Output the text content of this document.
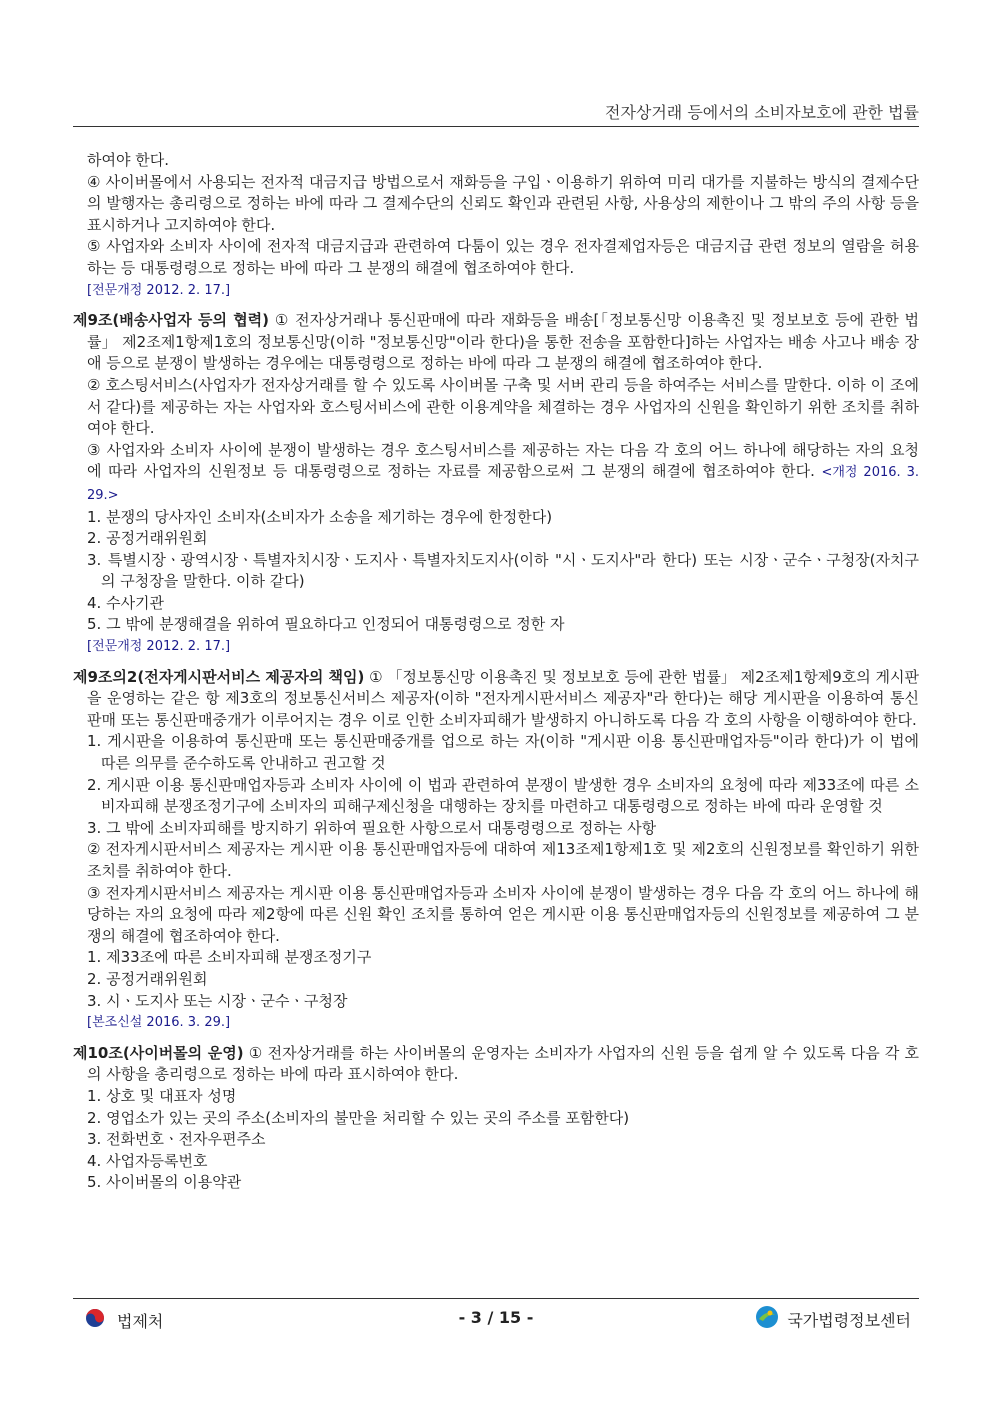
전자상거래 등에서의 소비자보호에 관한 법률
하여야 한다.
④ 사이버몰에서 사용되는 전자적 대금지급 방법으로서 재화등을 구입ㆍ이용하기 위하여 미리 대가를 지불하는 방식의 결제수단의 발행자는 총리령으로 정하는 바에 따라 그 결제수단의 신뢰도 확인과 관련된 사항, 사용상의 제한이나 그 밖의 주의 사항 등을 표시하거나 고지하여야 한다.
⑤ 사업자와 소비자 사이에 전자적 대금지급과 관련하여 다툼이 있는 경우 전자결제업자등은 대금지급 관련 정보의 열람을 허용하는 등 대통령령으로 정하는 바에 따라 그 분쟁의 해결에 협조하여야 한다.
[전문개정 2012. 2. 17.]
제9조(배송사업자 등의 협력) ① 전자상거래나 통신판매에 따라 재화등을 배송[「정보통신망 이용촉진 및 정보보호 등에 관한 법률」 제2조제1항제1호의 정보통신망(이하 "정보통신망"이라 한다)을 통한 전송을 포함한다]하는 사업자는 배송 사고나 배송 장애 등으로 분쟁이 발생하는 경우에는 대통령령으로 정하는 바에 따라 그 분쟁의 해결에 협조하여야 한다.
② 호스팅서비스(사업자가 전자상거래를 할 수 있도록 사이버몰 구축 및 서버 관리 등을 하여주는 서비스를 말한다. 이하 이 조에서 같다)를 제공하는 자는 사업자와 호스팅서비스에 관한 이용계약을 체결하는 경우 사업자의 신원을 확인하기 위한 조치를 취하여야 한다.
③ 사업자와 소비자 사이에 분쟁이 발생하는 경우 호스팅서비스를 제공하는 자는 다음 각 호의 어느 하나에 해당하는 자의 요청에 따라 사업자의 신원정보 등 대통령령으로 정하는 자료를 제공함으로써 그 분쟁의 해결에 협조하여야 한다. <개정 2016. 3. 29.>
1. 분쟁의 당사자인 소비자(소비자가 소송을 제기하는 경우에 한정한다)
2. 공정거래위원회
3. 특별시장ㆍ광역시장ㆍ특별자치시장ㆍ도지사ㆍ특별자치도지사(이하 "시ㆍ도지사"라 한다) 또는 시장ㆍ군수ㆍ구청장(자치구의 구청장을 말한다. 이하 같다)
4. 수사기관
5. 그 밖에 분쟁해결을 위하여 필요하다고 인정되어 대통령령으로 정한 자
[전문개정 2012. 2. 17.]
제9조의2(전자게시판서비스 제공자의 책임) ① 「정보통신망 이용촉진 및 정보보호 등에 관한 법률」 제2조제1항제9호의 게시판을 운영하는 같은 항 제3호의 정보통신서비스 제공자(이하 "전자게시판서비스 제공자"라 한다)는 해당 게시판을 이용하여 통신판매 또는 통신판매중개가 이루어지는 경우 이로 인한 소비자피해가 발생하지 아니하도록 다음 각 호의 사항을 이행하여야 한다.
1. 게시판을 이용하여 통신판매 또는 통신판매중개를 업으로 하는 자(이하 "게시판 이용 통신판매업자등"이라 한다)가 이 법에 따른 의무를 준수하도록 안내하고 권고할 것
2. 게시판 이용 통신판매업자등과 소비자 사이에 이 법과 관련하여 분쟁이 발생한 경우 소비자의 요청에 따라 제33조에 따른 소비자피해 분쟁조정기구에 소비자의 피해구제신청을 대행하는 장치를 마련하고 대통령령으로 정하는 바에 따라 운영할 것
3. 그 밖에 소비자피해를 방지하기 위하여 필요한 사항으로서 대통령령으로 정하는 사항
② 전자게시판서비스 제공자는 게시판 이용 통신판매업자등에 대하여 제13조제1항제1호 및 제2호의 신원정보를 확인하기 위한 조치를 취하여야 한다.
③ 전자게시판서비스 제공자는 게시판 이용 통신판매업자등과 소비자 사이에 분쟁이 발생하는 경우 다음 각 호의 어느 하나에 해당하는 자의 요청에 따라 제2항에 따른 신원 확인 조치를 통하여 얻은 게시판 이용 통신판매업자등의 신원정보를 제공하여 그 분쟁의 해결에 협조하여야 한다.
1. 제33조에 따른 소비자피해 분쟁조정기구
2. 공정거래위원회
3. 시ㆍ도지사 또는 시장ㆍ군수ㆍ구청장
[본조신설 2016. 3. 29.]
제10조(사이버몰의 운영) ① 전자상거래를 하는 사이버몰의 운영자는 소비자가 사업자의 신원 등을 쉽게 알 수 있도록 다음 각 호의 사항을 총리령으로 정하는 바에 따라 표시하여야 한다.
1. 상호 및 대표자 성명
2. 영업소가 있는 곳의 주소(소비자의 불만을 처리할 수 있는 곳의 주소를 포함한다)
3. 전화번호ㆍ전자우편주소
4. 사업자등록번호
5. 사이버몰의 이용약관
법제처	- 3 / 15 -	국가법령정보센터
